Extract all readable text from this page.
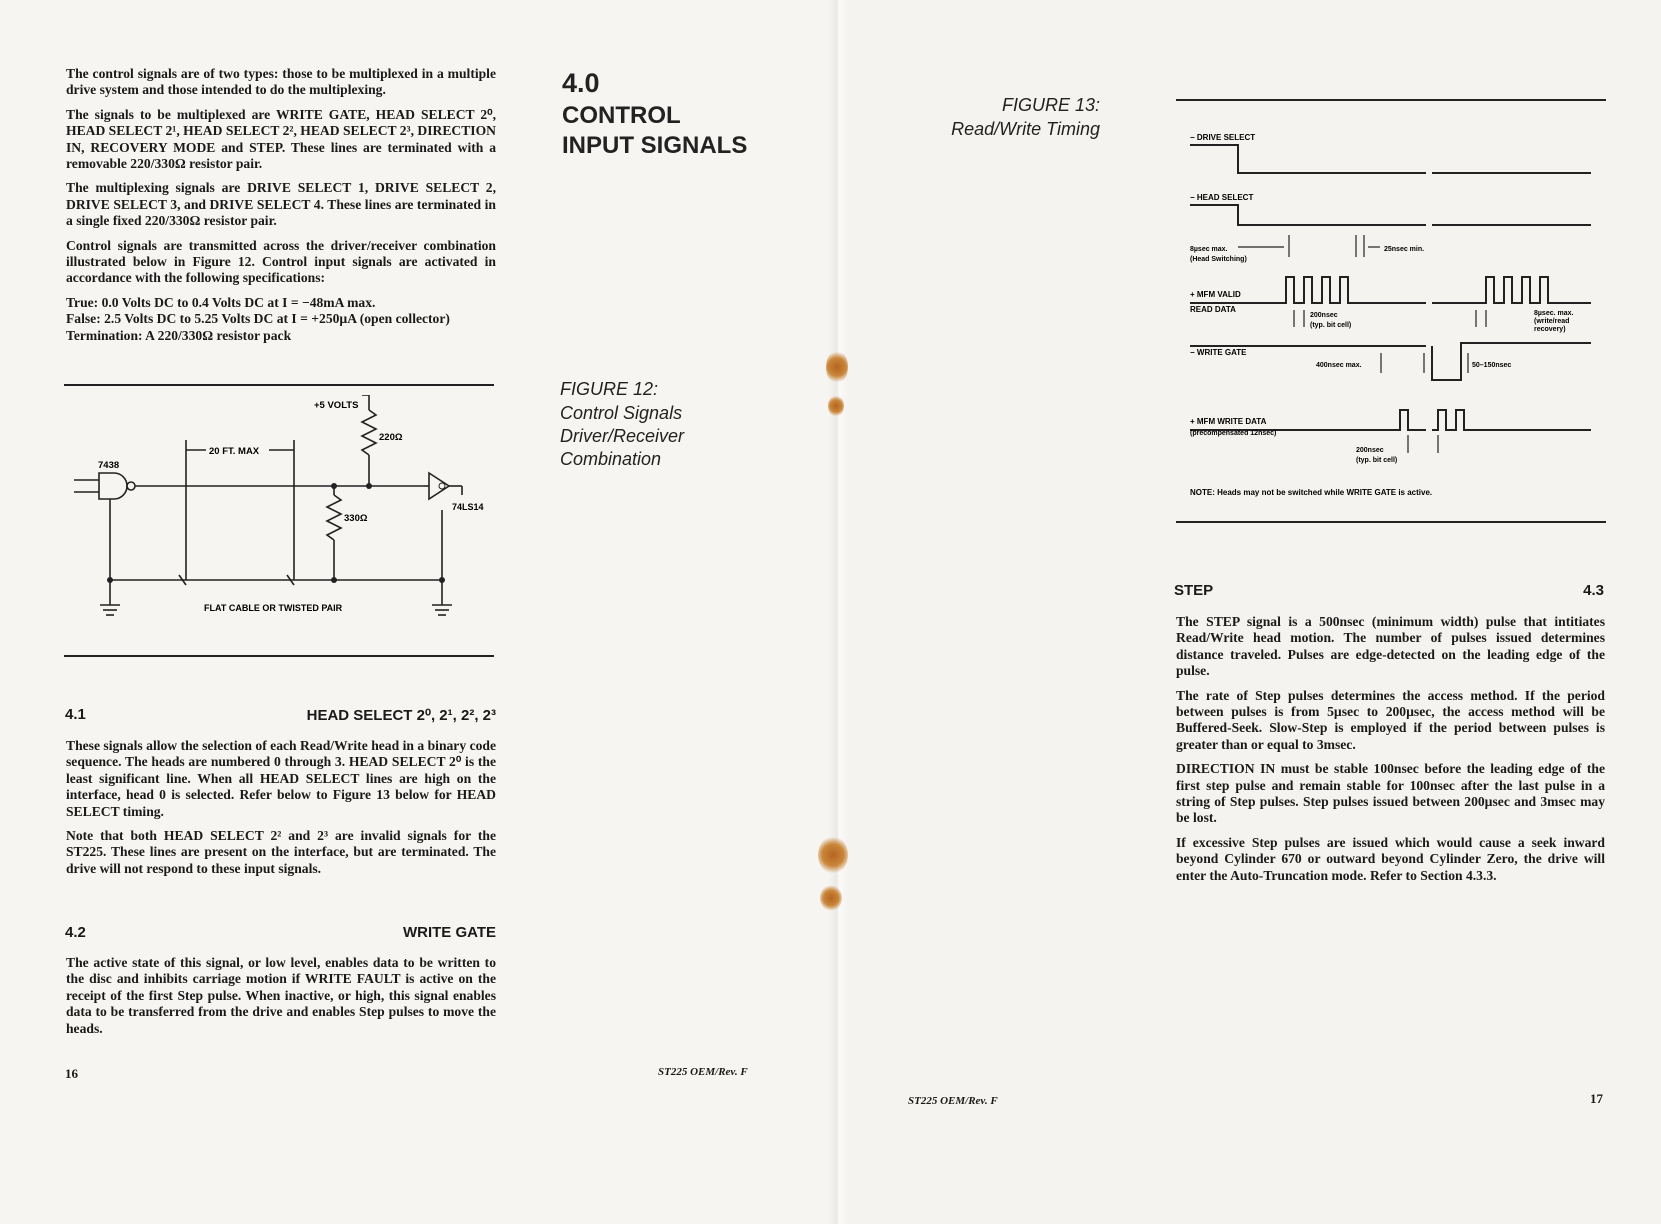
The control signals are of two types: those to be multiplexed in a multiple drive system and those intended to do the multiplexing.

The signals to be multiplexed are WRITE GATE, HEAD SELECT 2⁰, HEAD SELECT 2¹, HEAD SELECT 2², HEAD SELECT 2³, DIRECTION IN, RECOVERY MODE and STEP. These lines are terminated with a removable 220/330Ω resistor pair.

The multiplexing signals are DRIVE SELECT 1, DRIVE SELECT 2, DRIVE SELECT 3, and DRIVE SELECT 4. These lines are terminated in a single fixed 220/330Ω resistor pair.

Control signals are transmitted across the driver/receiver combination illustrated below in Figure 12. Control input signals are activated in accordance with the following specifications:

True: 0.0 Volts DC to 0.4 Volts DC at I = −48mA max.
False: 2.5 Volts DC to 5.25 Volts DC at I = +250µA (open collector)
Termination: A 220/330Ω resistor pack
+5 VOLTS
220Ω
330Ω
7438
74LS14
20 FT. MAX
FLAT CABLE OR TWISTED PAIR
4.1	HEAD SELECT 2⁰, 2¹, 2², 2³

These signals allow the selection of each Read/Write head in a binary code sequence. The heads are numbered 0 through 3. HEAD SELECT 2⁰ is the least significant line. When all HEAD SELECT lines are high on the interface, head 0 is selected. Refer below to Figure 13 below for HEAD SELECT timing.

Note that both HEAD SELECT 2² and 2³ are invalid signals for the ST225. These lines are present on the interface, but are terminated. The drive will not respond to these input signals.

4.2	WRITE GATE

The active state of this signal, or low level, enables data to be written to the disc and inhibits carriage motion if WRITE FAULT is active on the receipt of the first Step pulse. When inactive, or high, this signal enables data to be transferred from the drive and enables Step pulses to move the heads.

16
4.0
CONTROL
INPUT SIGNALS
FIGURE 12:
Control Signals
Driver/Receiver
Combination
ST225 OEM/Rev. F
FIGURE 13:
Read/Write Timing	− DRIVE SELECT
− HEAD SELECT
8µsec max.
(Head Switching)
25nsec min.
+ MFM VALID
READ DATA
200nsec
(typ. bit cell)
8µsec. max.
(write/read
recovery)
− WRITE GATE
400nsec max.	50–150nsec
+ MFM WRITE DATA
(precompensated 12nsec)
200nsec
(typ. bit cell)
NOTE: Heads may not be switched while WRITE GATE is active.
STEP	4.3

The STEP signal is a 500nsec (minimum width) pulse that intitiates Read/Write head motion. The number of pulses issued determines distance traveled. Pulses are edge-detected on the leading edge of the pulse.

The rate of Step pulses determines the access method. If the period between pulses is from 5µsec to 200µsec, the access method will be Buffered-Seek. Slow-Step is employed if the period between pulses is greater than or equal to 3msec.

DIRECTION IN must be stable 100nsec before the leading edge of the first step pulse and remain stable for 100nsec after the last pulse in a string of Step pulses. Step pulses issued between 200µsec and 3msec may be lost.

If excessive Step pulses are issued which would cause a seek inward beyond Cylinder 670 or outward beyond Cylinder Zero, the drive will enter the Auto-Truncation mode. Refer to Section 4.3.3.

ST225 OEM/Rev. F	17
